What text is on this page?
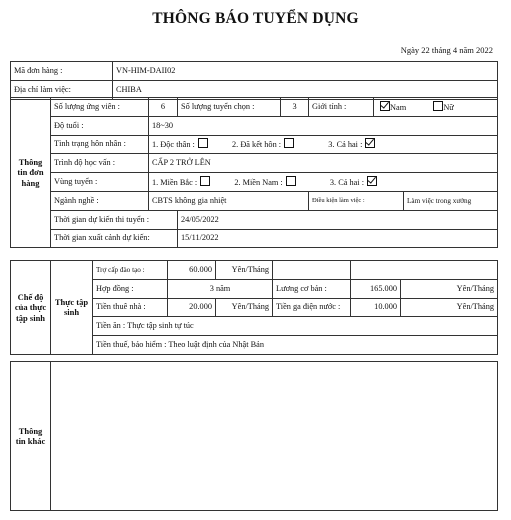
THÔNG BÁO TUYỂN DỤNG
Ngày 22 tháng 4 năm 2022
Mã đơn hàng :	VN-HIM-DAII02
Địa chỉ làm việc:	CHIBA
Thông tin đơn hàng	Số lượng ứng viên :	6	Số lượng tuyển chọn :	3	Giới tính :	Nam Nữ	
	Độ tuổi :	18~30					
	Tình trạng hôn nhân :	1. Độc thân : 2. Đã kết hôn : 3. Cả hai :					
	Trình độ học vấn :	CẤP 2 TRỞ LÊN					
	Vùng tuyển :	1. Miền Bắc : 2. Miền Nam : 3. Cả hai :					
	Ngành nghề :	CBTS không gia nhiệt			Điều kiện làm việc :		Làm việc trong xưởng
	Thời gian dự kiến thi tuyển :		24/05/2022				
	Thời gian xuất cảnh dự kiến:		15/11/2022				
Chế độ của thực tập sinh	Thực tập sinh	Trợ cấp đào tạo :	60.000	Yên/Tháng			
		Hợp đồng :	3 năm		Lương cơ bản :	165.000	Yên/Tháng
		Tiền thuê nhà :	20.000	Yên/Tháng	Tiền ga điện nước :	10.000	Yên/Tháng
		Tiền ăn : Thực tập sinh tự túc					
		Tiền thuế, bảo hiểm : Theo luật định của Nhật Bản					
Thông tin khác	
